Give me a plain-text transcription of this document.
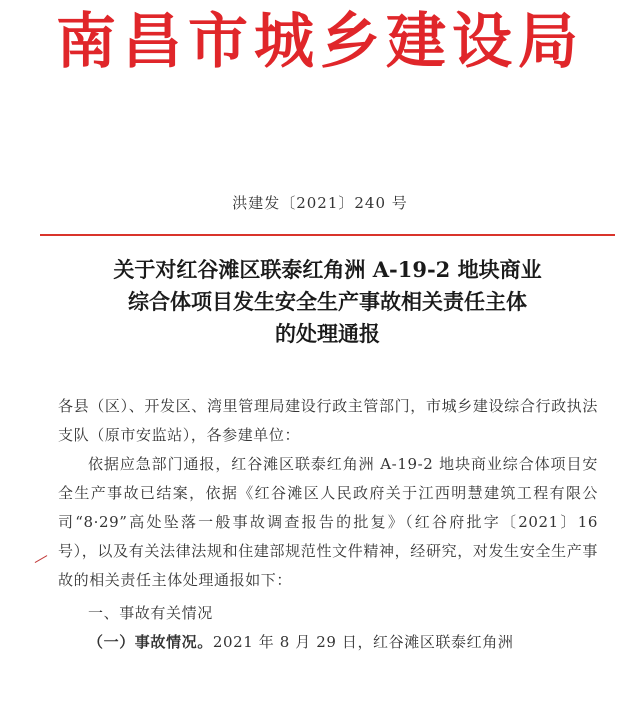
南昌市城乡建设局
洪建发〔2021〕240 号
关于对红谷滩区联泰红角洲 A-19-2 地块商业
综合体项目发生安全生产事故相关责任主体
的处理通报

各县（区）、开发区、湾里管理局建设行政主管部门，市城乡建设综合行政执法支队（原市安监站），各参建单位：

依据应急部门通报，红谷滩区联泰红角洲 A-19-2 地块商业综合体项目安全生产事故已结案，依据《红谷滩区人民政府关于江西明慧建筑工程有限公司“8·29”高处坠落一般事故调查报告的批复》（红谷府批字〔2021〕16 号），以及有关法律法规和住建部规范性文件精神，经研究，对发生安全生产事故的相关责任主体处理通报如下：

一、事故有关情况

（一）事故情况。2021 年 8 月 29 日，红谷滩区联泰红角洲
